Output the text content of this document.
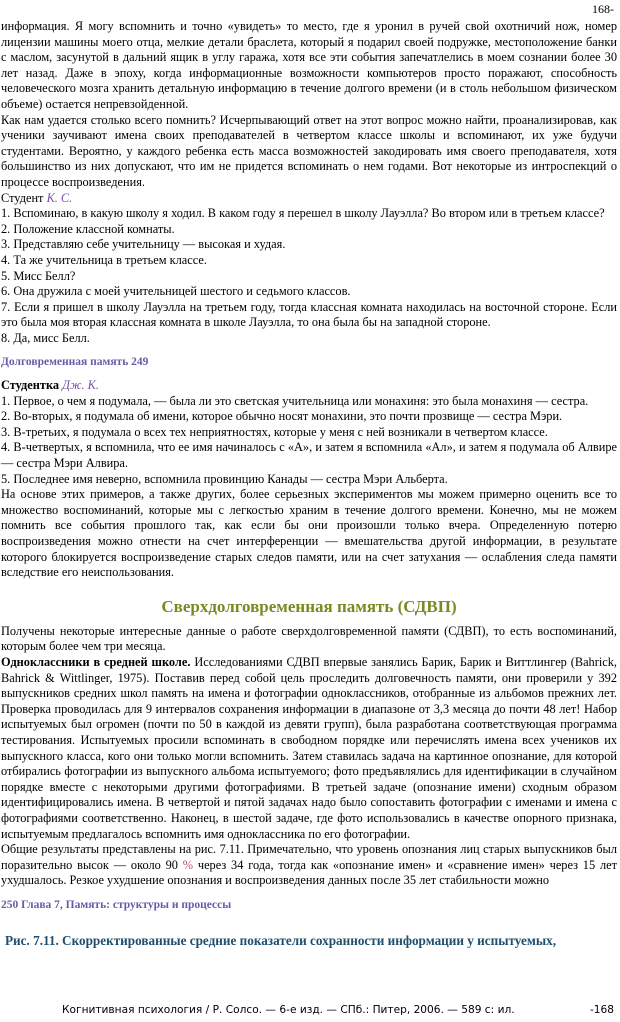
168-

информация. Я могу вспомнить и точно «увидеть» то место, где я уронил в ручей свой охотничий нож, номер лицензии машины моего отца, мелкие детали браслета, который я подарил своей подружке, местоположение банки с маслом, засунутой в дальний ящик в углу гаража, хотя все эти события запечатлелись в моем сознании более 30 лет назад. Даже в эпоху, когда информационные возможности компьютеров просто поражают, способность человеческого мозга хранить детальную информацию в течение долгого времени (и в столь небольшом физическом объеме) остается непревзойденной.

Как нам удается столько всего помнить? Исчерпывающий ответ на этот вопрос можно найти, проанализировав, как ученики заучивают имена своих преподавателей в четвертом классе школы и вспоминают, их уже будучи студентами. Вероятно, у каждого ребенка есть масса возможностей закодировать имя своего преподавателя, хотя большинство из них допускают, что им не придется вспоминать о нем годами. Вот некоторые из интроспекций о процессе воспроизведения.

Студент К. С.

1. Вспоминаю, в какую школу я ходил. В каком году я перешел в школу Лауэлла? Во втором или в третьем классе?

2. Положение классной комнаты.

3. Представляю себе учительницу — высокая и худая.

4. Та же учительница в третьем классе.

5. Мисс Белл?

6. Она дружила с моей учительницей шестого и седьмого классов.

7. Если я пришел в школу Лауэлла на третьем году, тогда классная комната находилась на восточной стороне. Если это была моя вторая классная комната в школе Лауэлла, то она была бы на западной стороне.

8. Да, мисс Белл.

Долговременная память 249

Студентка Дж. К.

1. Первое, о чем я подумала, — была ли это светская учительница или монахиня: это была монахиня — сестра.

2. Во-вторых, я подумала об имени, которое обычно носят монахини, это почти прозвище — сестра Мэри.

3. В-третьих, я подумала о всех тех неприятностях, которые у меня с ней возникали в четвертом классе.

4. В-четвертых, я вспомнила, что ее имя начиналось с «А», и затем я вспомнила «Ал», и затем я подумала об Алвире — сестра Мэри Алвира.

5. Последнее имя неверно, вспомнила провинцию Канады — сестра Мэри Альберта.

На основе этих примеров, а также других, более серьезных экспериментов мы можем примерно оценить все то множество воспоминаний, которые мы с легкостью храним в течение долгого времени. Конечно, мы не можем помнить все события прошлого так, как если бы они произошли только вчера. Определенную потерю воспроизведения можно отнести на счет интерференции — вмешательства другой информации, в результате которого блокируется воспроизведение старых следов памяти, или на счет затухания — ослабления следа памяти вследствие его неиспользования.

Сверхдолговременная память (СДВП)

Получены некоторые интересные данные о работе сверхдолговременной памяти (СДВП), то есть воспоминаний, которым более чем три месяца.

Одноклассники в средней школе. Исследованиями СДВП впервые занялись Барик, Барик и Виттлингер (Bahrick, Bahrick & Wittlinger, 1975). Поставив перед собой цель проследить долговечность памяти, они проверили у 392 выпускников средних школ память на имена и фотографии одноклассников, отобранные из альбомов прежних лет. Проверка проводилась для 9 интервалов сохранения информации в диапазоне от 3,3 месяца до почти 48 лет! Набор испытуемых был огромен (почти по 50 в каждой из девяти групп), была разработана соответствующая программа тестирования. Испытуемых просили вспоминать в свободном порядке или перечислять имена всех учеников их выпускного класса, кого они только могли вспомнить. Затем ставилась задача на картинное опознание, для которой отбирались фотографии из выпускного альбома испытуемого; фото предъявлялись для идентификации в случайном порядке вместе с некоторыми другими фотографиями. В третьей задаче (опознание имени) сходным образом идентифицировались имена. В четвертой и пятой задачах надо было сопоставить фотографии с именами и имена с фотографиями соответственно. Наконец, в шестой задаче, где фото использовались в качестве опорного признака, испытуемым предлагалось вспомнить имя одноклассника по его фотографии.

Общие результаты представлены на рис. 7.11. Примечательно, что уровень опознания лиц старых выпускников был поразительно высок — около 90 % через 34 года, тогда как «опознание имен» и «сравнение имен» через 15 лет ухудшалось. Резкое ухудшение опознания и воспроизведения данных после 35 лет стабильности можно

250 Глава 7, Память: структуры и процессы

Рис. 7.11. Скорректированные средние показатели сохранности информации у испытуемых,

Когнитивная психология / Р. Солсо. — 6-е изд. — СПб.: Питер, 2006. — 589 с: ил.	-168
